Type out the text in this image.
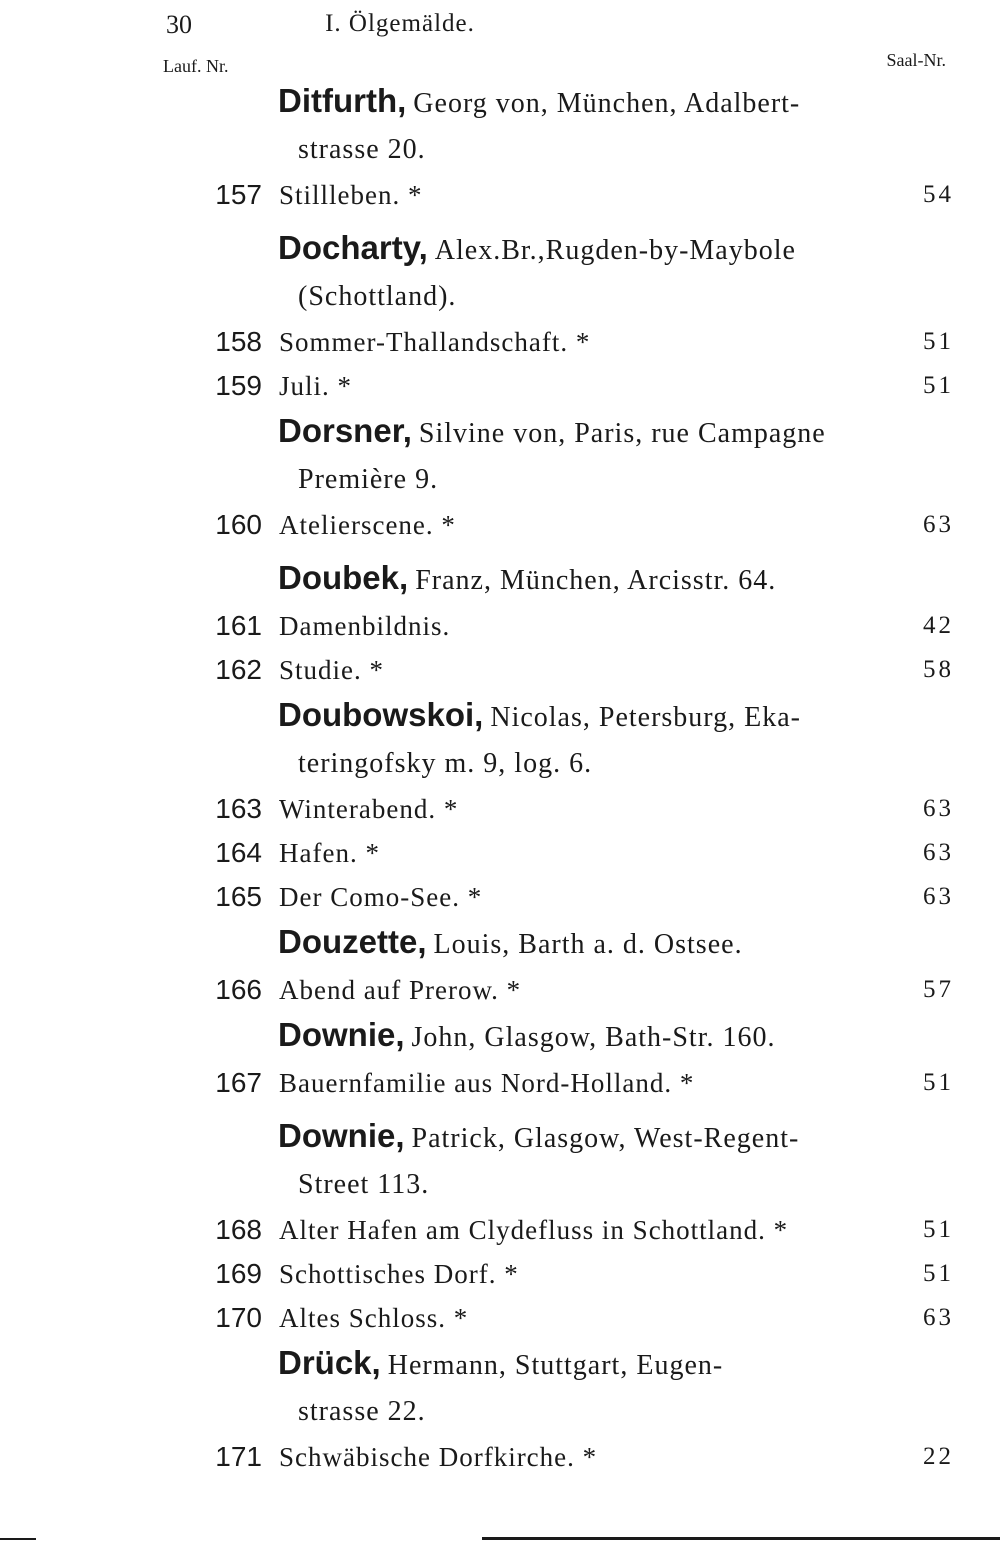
30	I. Ölgemälde.
Lauf. Nr.	Saal-Nr.
Ditfurth, Georg von, München, Adalbert-
strasse 20.
157 Stillleben. *	54
Docharty, Alex.Br.,Rugden-by-Maybole
(Schottland).
158 Sommer-Thallandschaft. *	51
159 Juli. *	51
Dorsner, Silvine von, Paris, rue Campagne
Première 9.
160 Atelierscene. *	63
Doubek, Franz, München, Arcisstr. 64.
161 Damenbildnis.	42
162 Studie. *	58
Doubowskoi, Nicolas, Petersburg, Eka-
teringofsky m. 9, log. 6.
163 Winterabend. *	63
164 Hafen. *	63
165 Der Como-See. *	63
Douzette, Louis, Barth a. d. Ostsee.
166 Abend auf Prerow. *	57
Downie, John, Glasgow, Bath-Str. 160.
167 Bauernfamilie aus Nord-Holland. *	51
Downie, Patrick, Glasgow, West-Regent-
Street 113.
168 Alter Hafen am Clydefluss in Schottland. *	51
169 Schottisches Dorf. *	51
170 Altes Schloss. *	63
Drück, Hermann, Stuttgart, Eugen-
strasse 22.
171 Schwäbische Dorfkirche. *	22
